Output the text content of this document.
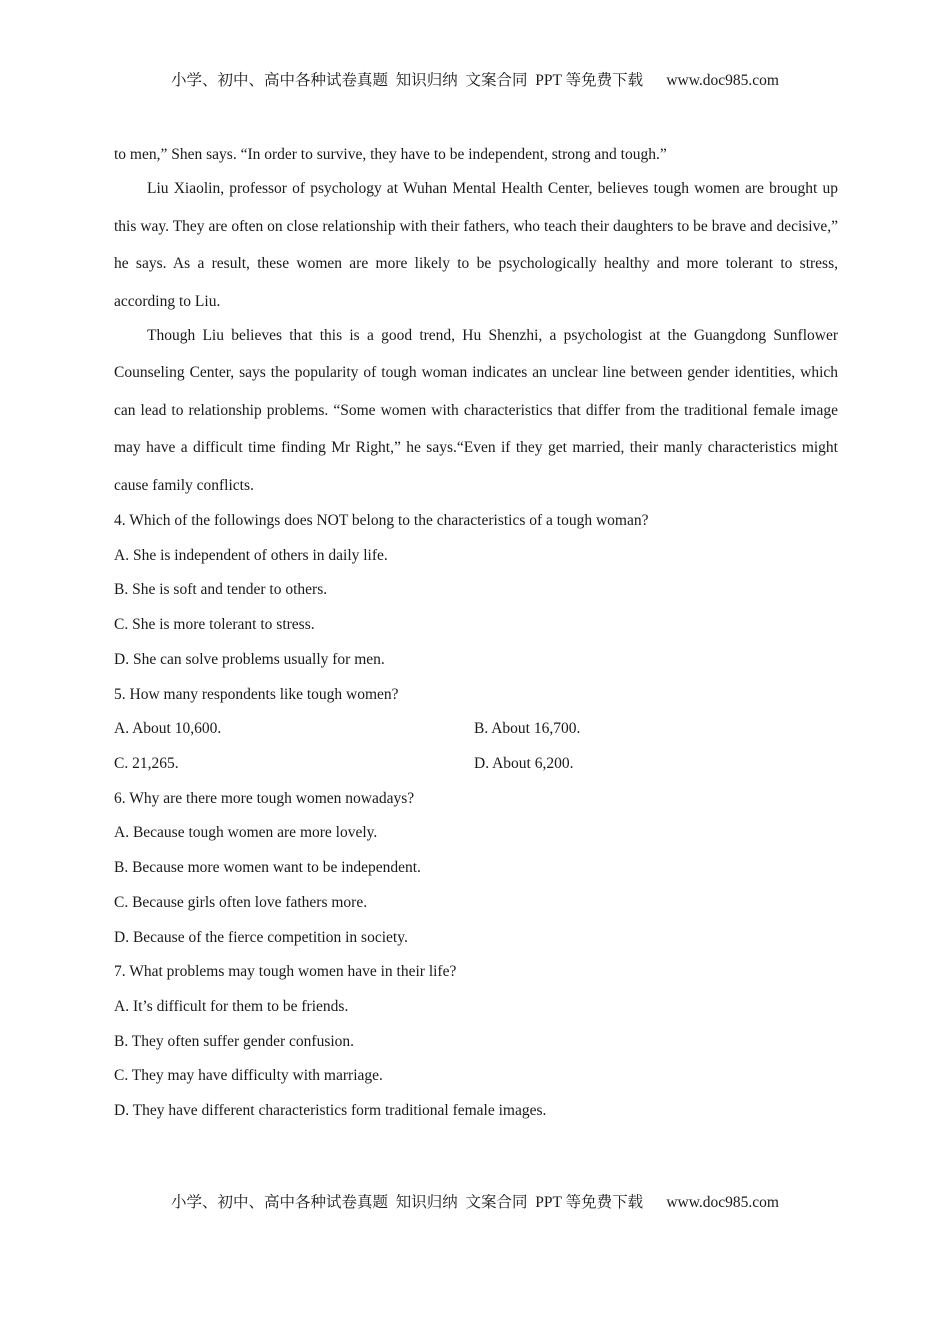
小学、初中、高中各种试卷真题  知识归纳  文案合同  PPT 等免费下载      www.doc985.com

to men,” Shen says. “In order to survive, they have to be independent, strong and tough.”

Liu Xiaolin, professor of psychology at Wuhan Mental Health Center, believes tough women are brought up this way. They are often on close relationship with their fathers, who teach their daughters to be brave and decisive,” he says. As a result, these women are more likely to be psychologically healthy and more tolerant to stress, according to Liu.

Though Liu believes that this is a good trend, Hu Shenzhi, a psychologist at the Guangdong Sunflower Counseling Center, says the popularity of tough woman indicates an unclear line between gender identities, which can lead to relationship problems. “Some women with characteristics that differ from the traditional female image may have a difficult time finding Mr Right,” he says.“Even if they get married, their manly characteristics might cause family conflicts.

4. Which of the followings does NOT belong to the characteristics of a tough woman?

A. She is independent of others in daily life.

B. She is soft and tender to others.

C. She is more tolerant to stress.

D. She can solve problems usually for men.

5. How many respondents like tough women?

A. About 10,600.	B. About 16,700.
C. 21,265.	D. About 6,200.

6. Why are there more tough women nowadays?

A. Because tough women are more lovely.

B. Because more women want to be independent.

C. Because girls often love fathers more.

D. Because of the fierce competition in society.

7. What problems may tough women have in their life?

A. It’s difficult for them to be friends.

B. They often suffer gender confusion.

C. They may have difficulty with marriage.

D. They have different characteristics form traditional female images.

小学、初中、高中各种试卷真题  知识归纳  文案合同  PPT 等免费下载      www.doc985.com
